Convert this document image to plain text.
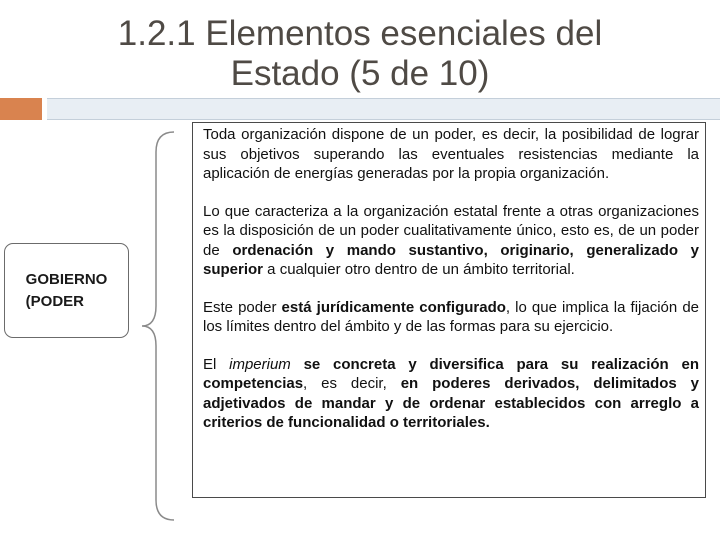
1.2.1 Elementos esenciales del
Estado (5 de 10)
GOBIERNO
(PODER

Toda organización dispone de un poder, es decir, la posibilidad de lograr sus objetivos superando las eventuales resistencias mediante la aplicación de energías generadas por la propia organización.

Lo que caracteriza a la organización estatal frente a otras organizaciones es la disposición de un poder cualitativamente único, esto es, de un poder de ordenación y mando sustantivo, originario, generalizado y superior a cualquier otro dentro de un ámbito territorial.

Este poder está jurídicamente configurado, lo que implica la fijación de los límites dentro del ámbito y de las formas para su ejercicio.

El imperium se concreta y diversifica para su realización en competencias, es decir, en poderes derivados, delimitados y adjetivados de mandar y de ordenar establecidos con arreglo a criterios de funcionalidad o territoriales.
